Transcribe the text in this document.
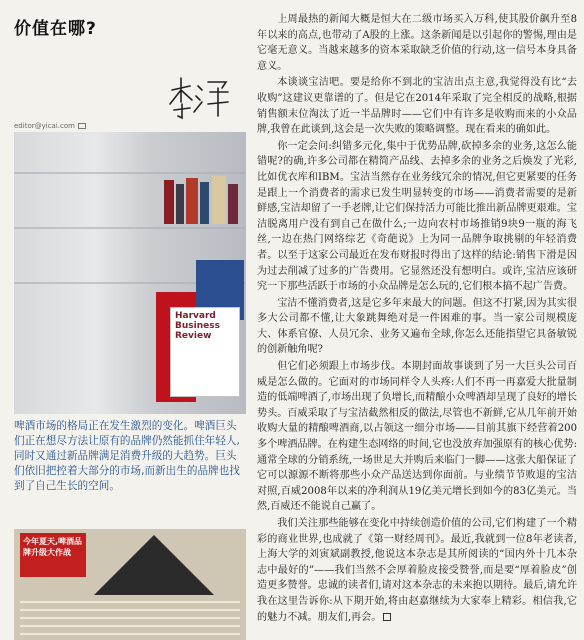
价值在哪?
editor@yicai.com
Harvard Business Review
啤酒市场的格局正在发生激烈的变化。啤酒巨头们正在想尽方法让原有的品牌仍然能抓住年轻人,同时又通过新品牌满足消费升级的大趋势。巨头们依旧把控着大部分的市场,而新出生的品牌也找到了自己生长的空间。
今年夏天,啤酒品牌升级大作战

上周最热的新闻大概是恒大在二级市场买入万科,使其股价飙升至8年以来的高点,也带动了A股的上涨。这条新闻是以引起你的警惕,理由是它毫无意义。当越来越多的资本采取缺乏价值的行动,这一信号本身具备意义。

本谈谈宝洁吧。要是给你不到北的宝洁出点主意,我觉得没有比“去收购”这建议更靠谱的了。但是它在2014年采取了完全相反的战略,根据销售额末位淘汰了近一半品牌时——它们中有许多是收购而来的小众品牌,我曾在此谈到,这会是一次失败的策略调整。现在看来的确如此。

你一定会问:纠错多元化,集中于优势品牌,砍掉多余的业务,这怎么能错呢?的确,许多公司都在精简产品线、去掉多余的业务之后焕发了光彩,比如优衣库和IBM。宝洁当然存在业务线冗余的情况,但它更紧要的任务是跟上一个消费者的需求已发生明显转变的市场——消费者需要的是新鲜感,宝洁却留了一手老牌,让它们保持活力可能比推出新品牌更艰难。宝洁脱离用户没有到自己在做什么;一边向农村市场推销9块9一瓶的海飞丝,一边在热门网络综艺《奇葩说》上为同一品牌争取挑剔的年轻消费者。以至于这家公司最近在发布财报时得出了这样的结论:销售下滑是因为过去削减了过多的广告费用。它显然还没有想明白。或许,宝洁应该研究一下那些活跃于市场的小众品牌是怎么玩的,它们根本搞不起广告费。

宝洁不懂消费者,这是它多年来最大的问题。但这不打紧,因为其实很多大公司都不懂,让大象跳舞绝对是一件困难的事。当一家公司规模庞大、体系官僚、人员冗余、业务又遍布全球,你怎么还能指望它具备敏锐的创新触角呢?

但它们必须跟上市场步伐。本期封面故事谈到了另一大巨头公司百威是怎么做的。它面对的市场同样令人头疼:人们不再一再嘉爱大批量制造的低端啤酒了,市场出现了负增长,而精酿小众啤酒却呈现了良好的增长势头。百威采取了与宝洁截然相反的做法,尽管也不新鲜,它从几年前开始收购大量的精酿啤酒商,以占领这一细分市场——目前其旗下经营着200多个啤酒品牌。在构建生态网络的时间,它也没放弃加强原有的核心优势:通常全球的分销系统,一场世足大并购后来临门一脚——这张大船保证了它可以源源不断将那些小众产品送达到你面前。与业绩节节败退的宝洁对照,百威2008年以来的净利润从19亿美元增长到如今的83亿美元。当然,百威还不能说自己赢了。

我们关注那些能够在变化中持续创造价值的公司,它们构建了一个精彩的商业世界,也成就了《第一财经周刊》。最近,我就到一位8年老读者,上海大学的刘寅斌副教授,他说这本杂志是其所阅读的“国内外十几本杂志中最好的”——我们当然不会厚着脸皮接受赞誉,而是要“厚着脸皮”创造更多赞誉。忠诚的读者们,请对这本杂志的未来抱以期待。最后,请允许我在这里告诉你:从下期开始,将由赵嘉继续为大家奉上精彩。相信我,它的魅力不减。朋友们,再会。
